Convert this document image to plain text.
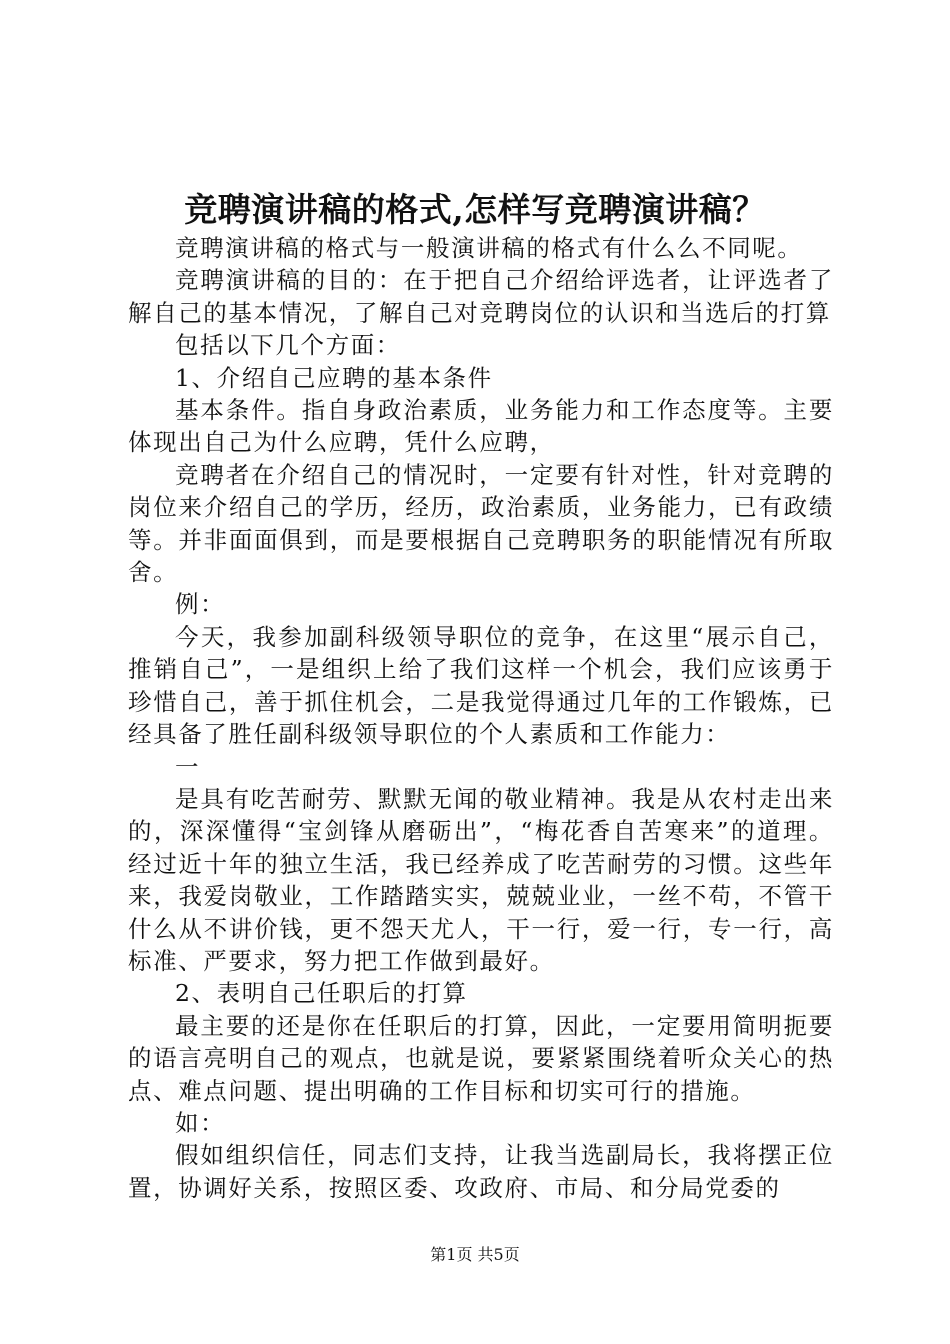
竞聘演讲稿的格式,怎样写竞聘演讲稿？

竞聘演讲稿的格式与一般演讲稿的格式有什么么不同呢。

竞聘演讲稿的目的：在于把自己介绍给评选者，让评选者了解自己的基本情况，了解自己对竞聘岗位的认识和当选后的打算

包括以下几个方面：

1、介绍自己应聘的基本条件

基本条件。指自身政治素质，业务能力和工作态度等。主要体现出自己为什么应聘，凭什么应聘，

竞聘者在介绍自己的情况时，一定要有针对性，针对竞聘的岗位来介绍自己的学历，经历，政治素质，业务能力，已有政绩等。并非面面俱到，而是要根据自己竞聘职务的职能情况有所取舍。

例：

今天，我参加副科级领导职位的竞争，在这里“展示自己，推销自己”，一是组织上给了我们这样一个机会，我们应该勇于珍惜自己，善于抓住机会，二是我觉得通过几年的工作锻炼，已经具备了胜任副科级领导职位的个人素质和工作能力：

一

是具有吃苦耐劳、默默无闻的敬业精神。我是从农村走出来的，深深懂得“宝剑锋从磨砺出”，“梅花香自苦寒来”的道理。经过近十年的独立生活，我已经养成了吃苦耐劳的习惯。这些年来，我爱岗敬业，工作踏踏实实，兢兢业业，一丝不苟，不管干什么从不讲价钱，更不怨天尤人，干一行，爱一行，专一行，高标准、严要求，努力把工作做到最好。

2、表明自己任职后的打算

最主要的还是你在任职后的打算，因此，一定要用简明扼要的语言亮明自己的观点，也就是说，要紧紧围绕着听众关心的热点、难点问题、提出明确的工作目标和切实可行的措施。

如：

假如组织信任，同志们支持，让我当选副局长，我将摆正位置，协调好关系，按照区委、攻政府、市局、和分局党委的

第1页 共5页
